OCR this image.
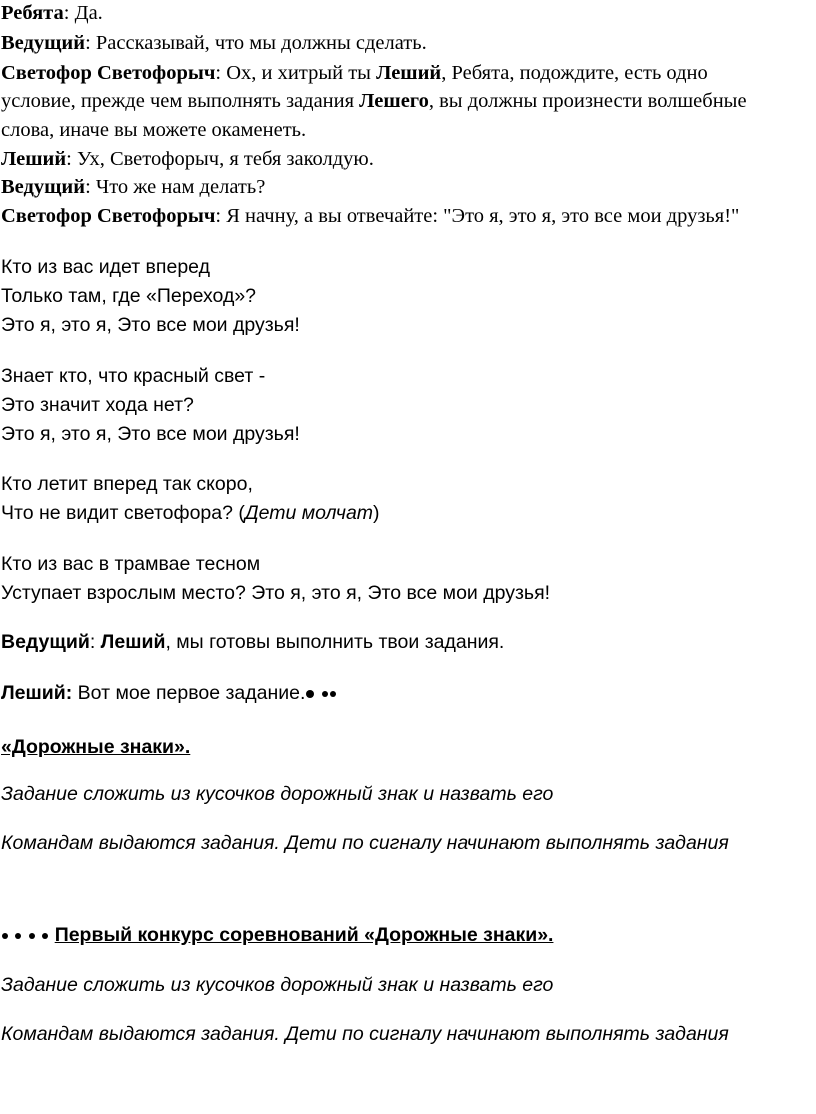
Ребята: Да.
Ведущий: Рассказывай, что мы должны сделать.
Светофор Светофорыч: Ох, и хитрый ты Леший, Ребята, подождите, есть одно
условие, прежде чем выполнять задания Лешего, вы должны произнести волшебные
слова, иначе вы можете окаменеть.
Леший: Ух, Светофорыч, я тебя заколдую.
Ведущий: Что же нам делать?
Светофор Светофорыч: Я начну, а вы отвечайте: "Это я, это я, это все мои друзья!"
Кто из вас идет вперед
Только там, где «Переход»?
Это я, это я, Это все мои друзья!
Знает кто, что красный свет -
Это значит хода нет?
Это я, это я, Это все мои друзья!
Кто летит вперед так скоро,
Что не видит светофора? (Дети молчат)
Кто из вас в трамвае тесном
Уступает взрослым место? Это я, это я, Это все мои друзья!
Ведущий: Леший, мы готовы выполнить твои задания.
Леший: Вот мое первое задание.
«Дорожные знаки».
Задание сложить из кусочков дорожный знак и назвать его
Командам выдаются задания. Дети по сигналу начинают выполнять задания
Первый конкурс соревнований «Дорожные знаки».
Задание сложить из кусочков дорожный знак и назвать его
Командам выдаются задания. Дети по сигналу начинают выполнять задания
